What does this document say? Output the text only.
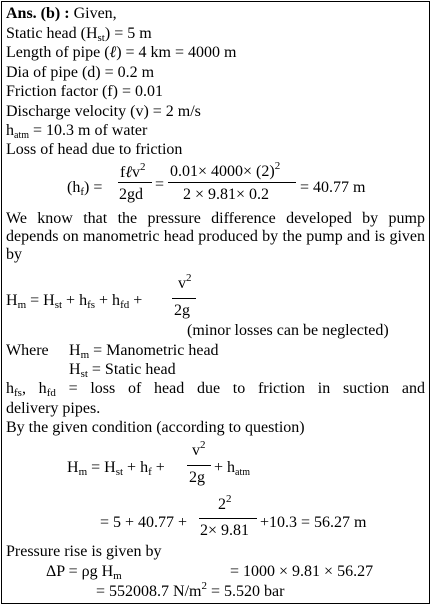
Ans. (b) : Given,
Static head (Hst) = 5 m
Length of pipe (ℓ) = 4 km = 4000 m
Dia of pipe (d) = 0.2 m
Friction factor (f) = 0.01
Discharge velocity (v) = 2 m/s
hatm = 10.3 m of water
Loss of head due to friction
(hf) =
fℓv$^2$
2gd
=
$0.01\times 4000\times (2)^2$
2 × 9.81× 0.2 = 40.77 m
We know that the pressure difference developed by pump depends on manometric head produced by the pump and is given by
Hm = Hst + hfs + hfd +
$v^2$
2g
(minor losses can be neglected)
Where Hm = Manometric head
Hst = Static head
hfs, hfd = loss of head due to friction in suction and
delivery pipes.
By the given condition (according to question)
Hm = Hst + hf +
$v^2$
2g
+ hatm
= 5 + 40.77 +
$2^2$
2× 9.81 +10.3 = 56.27 m
Pressure rise is given by
ΔP = ρg Hm	= 1000 × 9.81 × 56.27
= 552008.7 $N/m^2 = 5.520$ bar
